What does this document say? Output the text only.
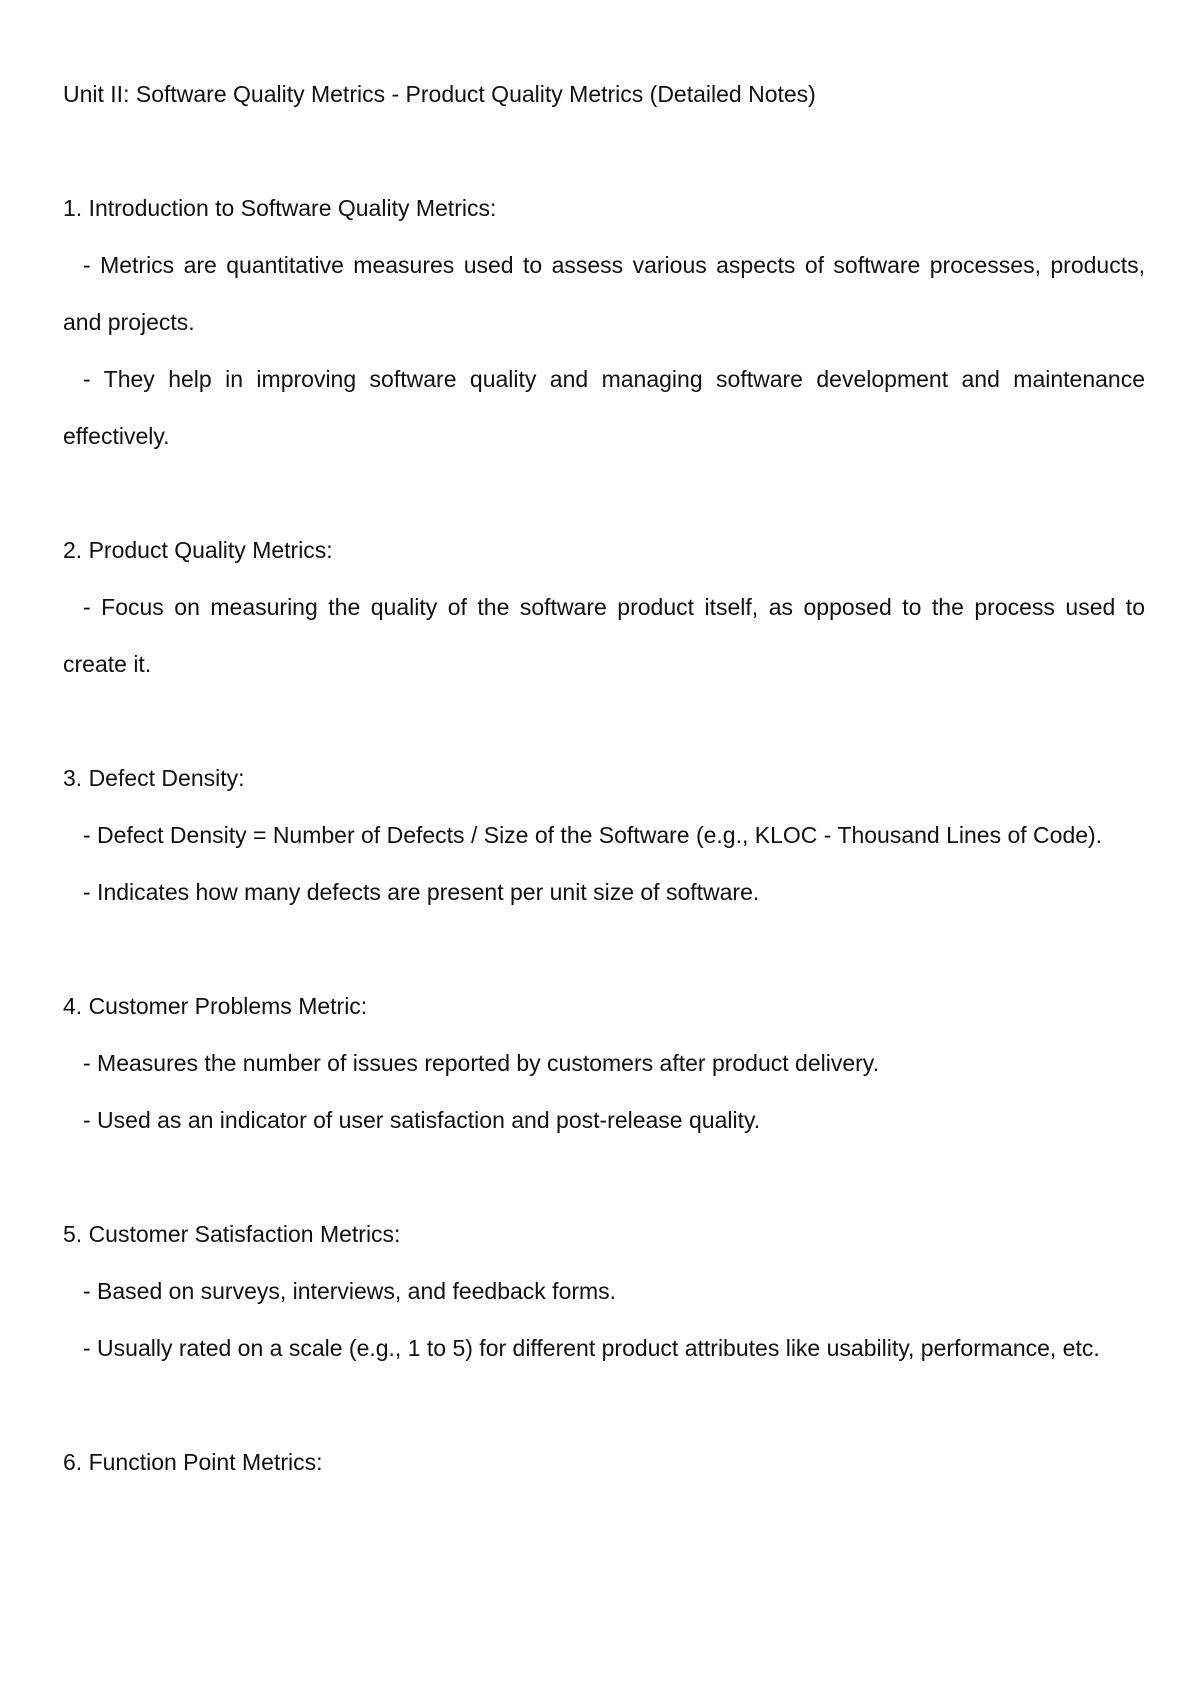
Unit II: Software Quality Metrics - Product Quality Metrics (Detailed Notes)
1. Introduction to Software Quality Metrics:

- Metrics are quantitative measures used to assess various aspects of software processes, products, and projects.

- They help in improving software quality and managing software development and maintenance effectively.

2. Product Quality Metrics:

- Focus on measuring the quality of the software product itself, as opposed to the process used to create it.

3. Defect Density:

- Defect Density = Number of Defects / Size of the Software (e.g., KLOC - Thousand Lines of Code).

- Indicates how many defects are present per unit size of software.

4. Customer Problems Metric:

- Measures the number of issues reported by customers after product delivery.

- Used as an indicator of user satisfaction and post-release quality.

5. Customer Satisfaction Metrics:

- Based on surveys, interviews, and feedback forms.

- Usually rated on a scale (e.g., 1 to 5) for different product attributes like usability, performance, etc.

6. Function Point Metrics:
